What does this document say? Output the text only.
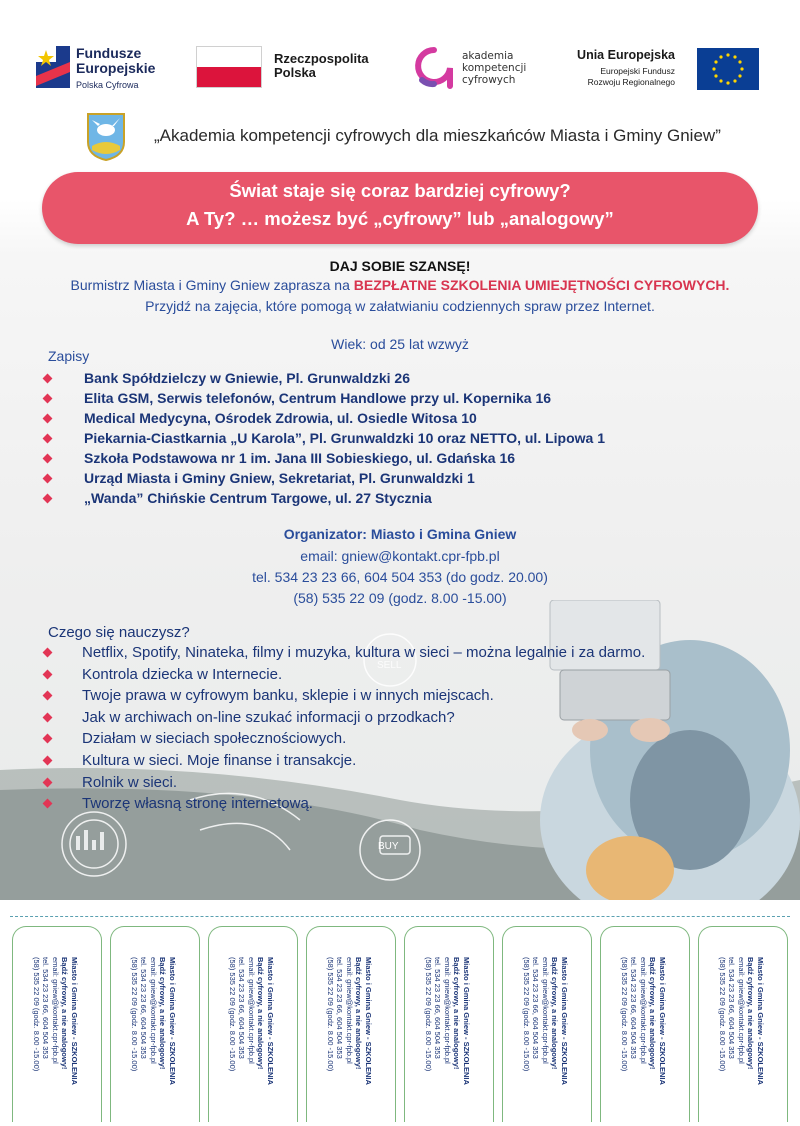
Fundusze
Europejskie
Polska Cyfrowa
Rzeczpospolita
Polska
akademia
kompetencji
cyfrowych
Unia Europejska
Europejski Fundusz
Rozwoju Regionalnego
„Akademia kompetencji cyfrowych dla mieszkańców Miasta i Gminy Gniew”
SELL
BUY
Świat staje się coraz bardziej cyfrowy?
A Ty? … możesz być „cyfrowy” lub „analogowy”
DAJ SOBIE SZANSĘ!
Burmistrz Miasta i Gminy Gniew zaprasza na BEZPŁATNE SZKOLENIA UMIEJĘTNOŚCI CYFROWYCH.
Przyjdź na zajęcia, które pomogą w załatwianiu codziennych spraw przez Internet.
Wiek: od 25 lat wzwyż
Zapisy
Bank Spółdzielczy w Gniewie, Pl. Grunwaldzki 26
Elita GSM, Serwis telefonów, Centrum Handlowe przy ul. Kopernika 16
Medical Medycyna, Ośrodek Zdrowia, ul. Osiedle Witosa 10
Piekarnia-Ciastkarnia „U Karola”, Pl. Grunwaldzki 10 oraz NETTO, ul. Lipowa 1
Szkoła Podstawowa nr 1 im. Jana III Sobieskiego, ul. Gdańska 16
Urząd Miasta i Gminy Gniew, Sekretariat, Pl. Grunwaldzki 1
„Wanda” Chińskie Centrum Targowe, ul. 27 Stycznia
Organizator: Miasto i Gmina Gniew
email: gniew@kontakt.cpr-fpb.pl
tel. 534 23 23 66, 604 504 353 (do godz. 20.00)
(58) 535 22 09 (godz. 8.00 -15.00)
Czego się nauczysz?
Netflix, Spotify, Ninateka, filmy i muzyka, kultura w sieci – można legalnie i za darmo.
Kontrola dziecka w Internecie.
Twoje prawa w cyfrowym banku, sklepie i w innych miejscach.
Jak w archiwach on-line szukać informacji o przodkach?
Działam w sieciach społecznościowych.
Kultura w sieci. Moje finanse i transakcje.
Rolnik w sieci.
Tworzę własną stronę internetową.
Miasto i Gmina Gniew - SZKOLENIA
Bądź cyfrowy, a nie analogowy!
email: gniew@kontakt.cpr-fpb.pl
tel. 534 23 23 66, 604 504 353
(58) 535 22 09 (godz. 8.00 -15.00)	Miasto i Gmina Gniew - SZKOLENIA
Bądź cyfrowy, a nie analogowy!
email: gniew@kontakt.cpr-fpb.pl
tel. 534 23 23 66, 604 504 353
(58) 535 22 09 (godz. 8.00 -15.00)	Miasto i Gmina Gniew - SZKOLENIA
Bądź cyfrowy, a nie analogowy!
email: gniew@kontakt.cpr-fpb.pl
tel. 534 23 23 66, 604 504 353
(58) 535 22 09 (godz. 8.00 -15.00)	Miasto i Gmina Gniew - SZKOLENIA
Bądź cyfrowy, a nie analogowy!
email: gniew@kontakt.cpr-fpb.pl
tel. 534 23 23 66, 604 504 353
(58) 535 22 09 (godz. 8.00 -15.00)	Miasto i Gmina Gniew - SZKOLENIA
Bądź cyfrowy, a nie analogowy!
email: gniew@kontakt.cpr-fpb.pl
tel. 534 23 23 66, 604 504 353
(58) 535 22 09 (godz. 8.00 -15.00)	Miasto i Gmina Gniew - SZKOLENIA
Bądź cyfrowy, a nie analogowy!
email: gniew@kontakt.cpr-fpb.pl
tel. 534 23 23 66, 604 504 353
(58) 535 22 09 (godz. 8.00 -15.00)	Miasto i Gmina Gniew - SZKOLENIA
Bądź cyfrowy, a nie analogowy!
email: gniew@kontakt.cpr-fpb.pl
tel. 534 23 23 66, 604 504 353
(58) 535 22 09 (godz. 8.00 -15.00)	Miasto i Gmina Gniew - SZKOLENIA
Bądź cyfrowy, a nie analogowy!
email: gniew@kontakt.cpr-fpb.pl
tel. 534 23 23 66, 604 504 353
(58) 535 22 09 (godz. 8.00 -15.00)
